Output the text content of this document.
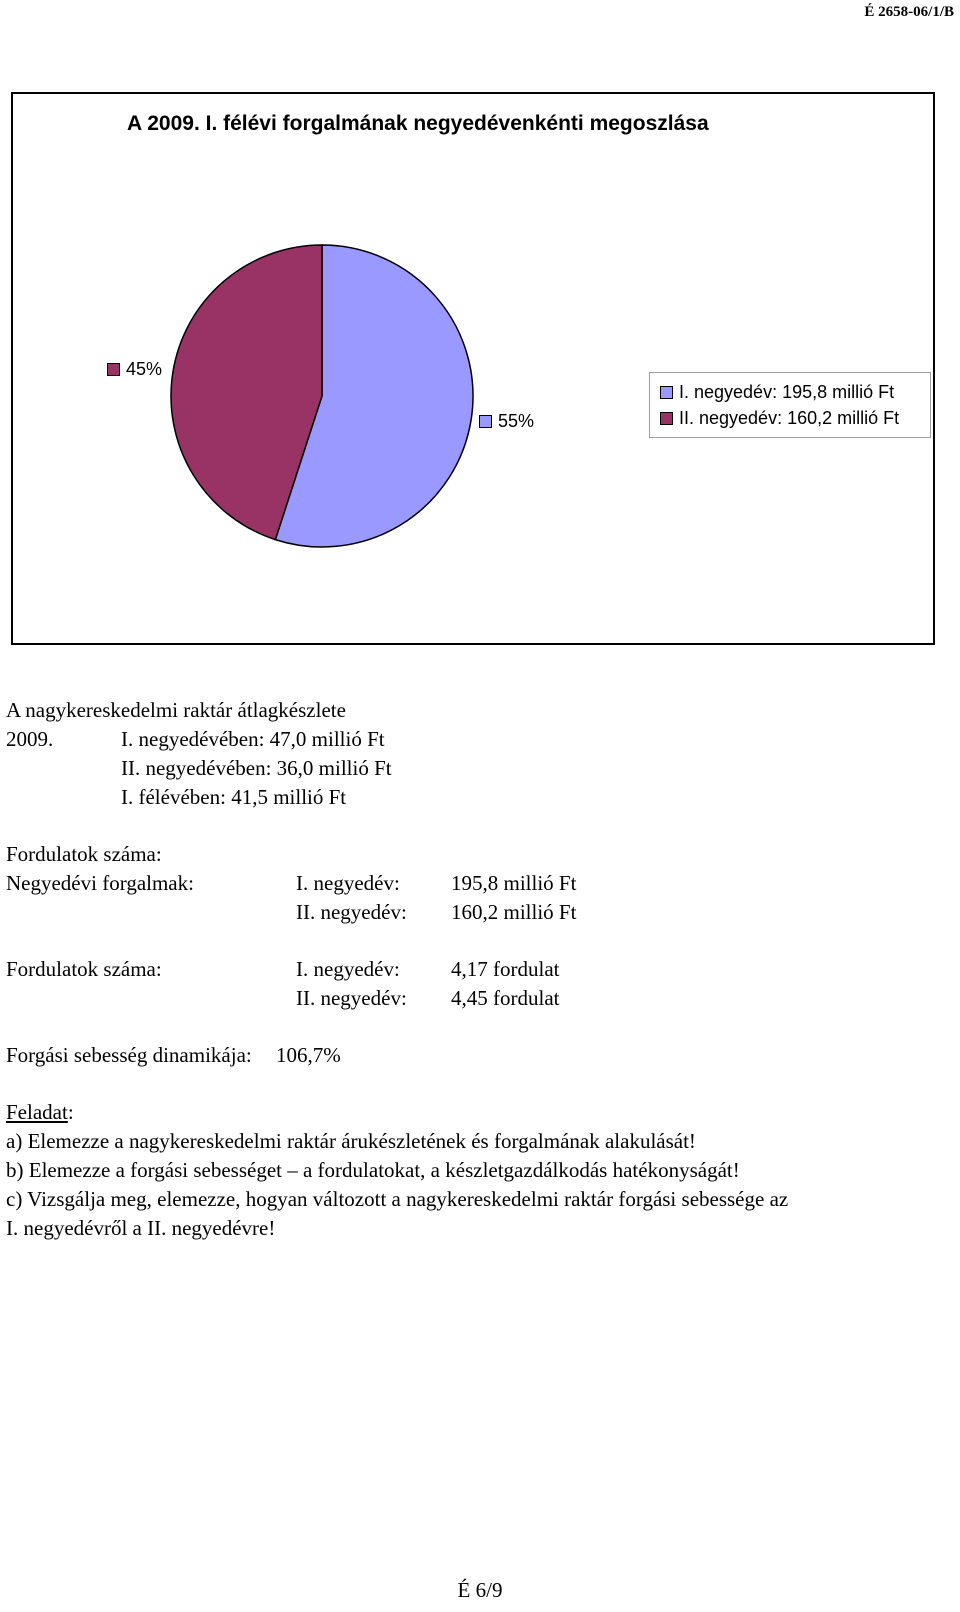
É 2658-06/1/B
A 2009. I. félévi forgalmának negyedévenkénti megoszlása
45%
55%
I. negyedév: 195,8 millió Ft
II. negyedév: 160,2 millió Ft
A nagykereskedelmi raktár átlagkészlete
2009.	I. negyedévében: 47,0 millió Ft
II. negyedévében: 36,0 millió Ft
I. félévében: 41,5 millió Ft
Fordulatok száma:
Negyedévi forgalmak:	I. negyedév: 195,8 millió Ft
II. negyedév: 160,2 millió Ft
Fordulatok száma:	I. negyedév: 4,17 fordulat
II. negyedév: 4,45 fordulat
Forgási sebesség dinamikája: 106,7%
Feladat:
a) Elemezze a nagykereskedelmi raktár árukészletének és forgalmának alakulását!
b) Elemezze a forgási sebességet – a fordulatokat, a készletgazdálkodás hatékonyságát!
c) Vizsgálja meg, elemezze, hogyan változott a nagykereskedelmi raktár forgási sebessége az
I. negyedévről a II. negyedévre!
É 6/9
